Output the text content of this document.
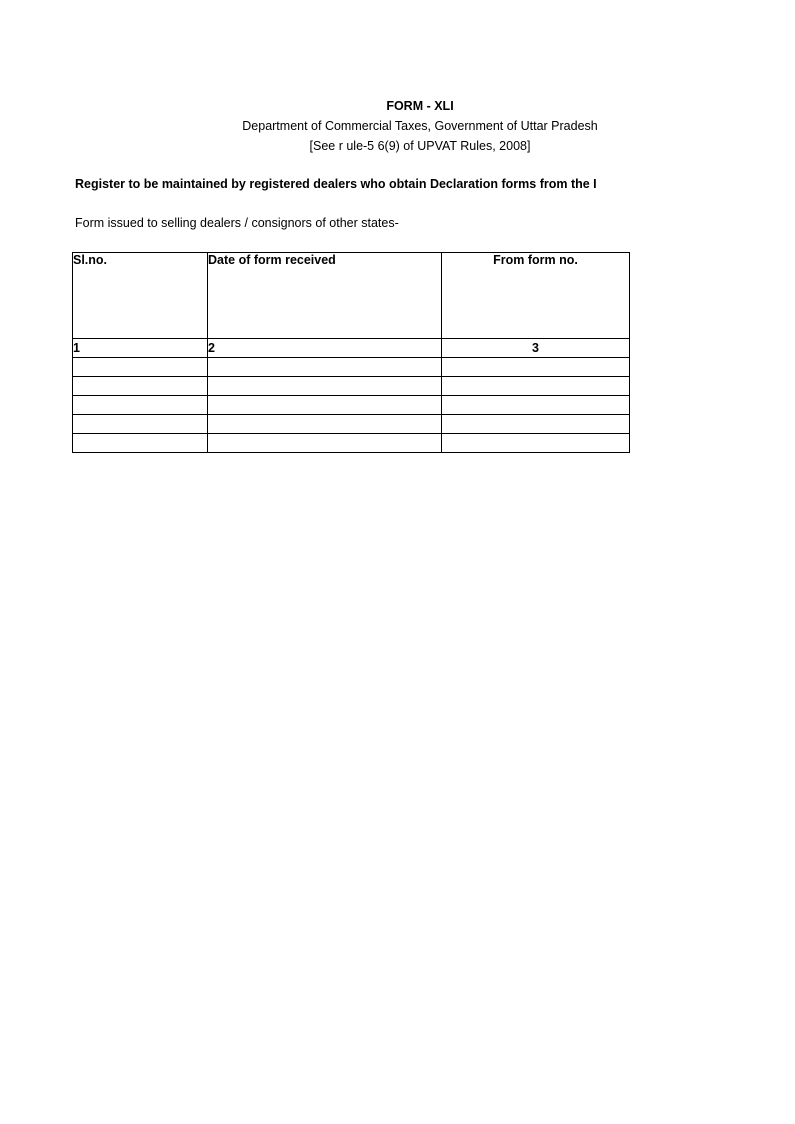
FORM - XLI
Department of Commercial Taxes, Government of Uttar Pradesh
[See r ule-5 6(9) of UPVAT Rules, 2008]
Register to be maintained by registered dealers who obtain Declaration forms from the I
Form issued to selling dealers / consignors of other states-
Sl.no.	Date of form received	From form no.
1	2	3
